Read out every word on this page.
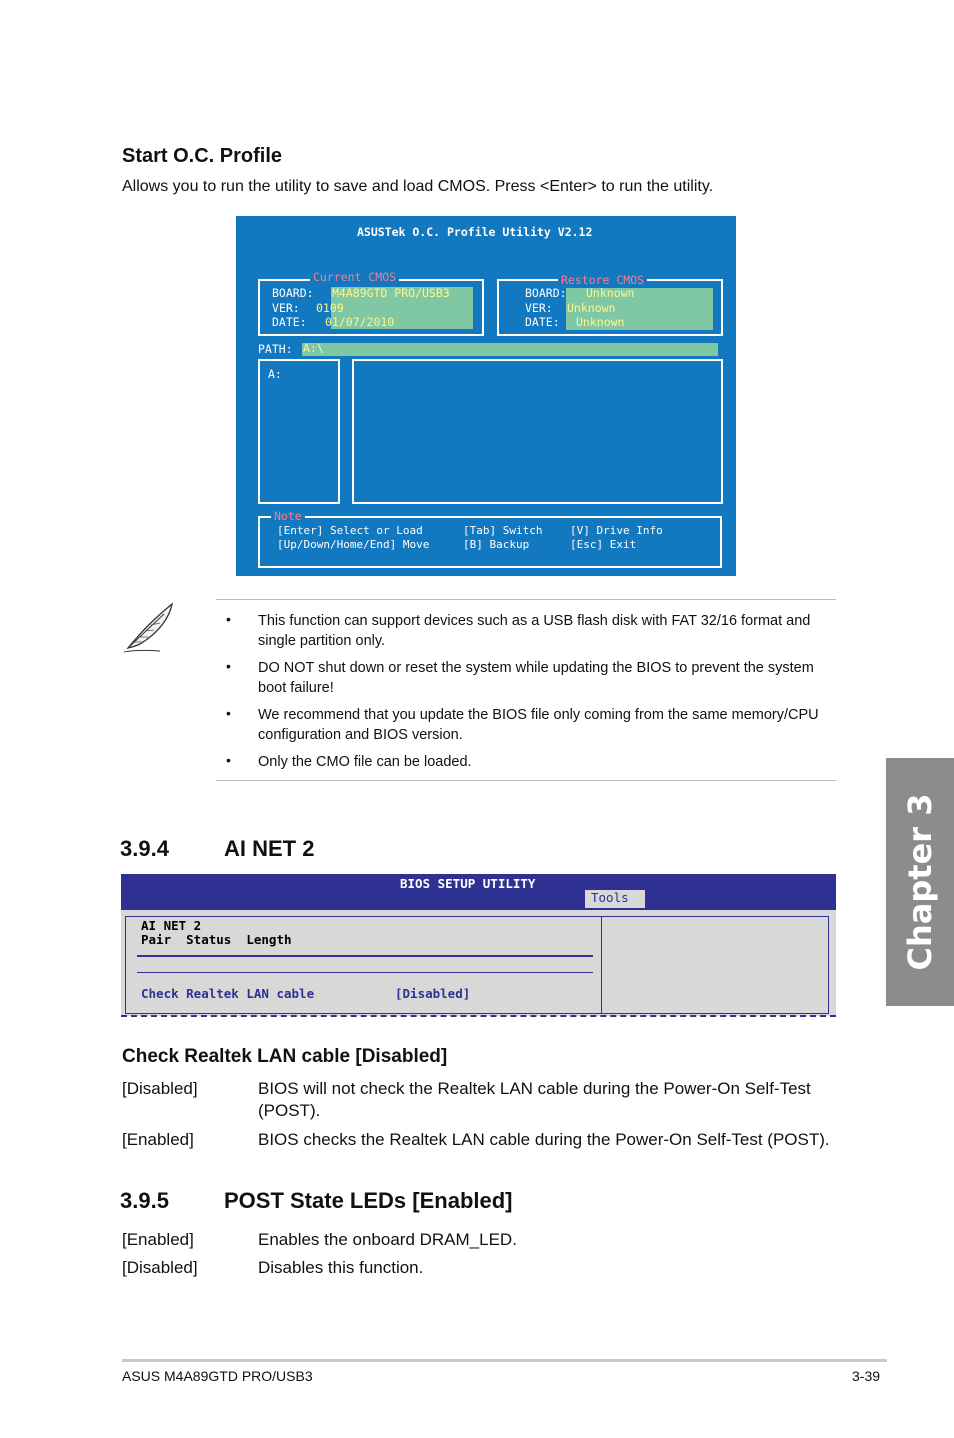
Start O.C. Profile
Allows you to run the utility to save and load CMOS. Press <Enter> to run the utility.
ASUSTek O.C. Profile Utility V2.12
Current CMOS
BOARD: M4A89GTD PRO/USB3
VER: 0109
DATE: 01/07/2010
Restore CMOS
BOARD: Unknown
VER: Unknown
DATE: Unknown
PATH: A:\
A:
Note
[Enter] Select or Load	[Tab] Switch	[V] Drive Info
[Up/Down/Home/End] Move	[B] Backup	[Esc] Exit
• This function can support devices such as a USB flash disk with FAT 32/16 format and single partition only.
• DO NOT shut down or reset the system while updating the BIOS to prevent the system boot failure!
• We recommend that you update the BIOS file only coming from the same memory/CPU configuration and BIOS version.
• Only the CMO file can be loaded.
3.9.4	AI NET 2
BIOS SETUP UTILITY
Tools
AI NET 2
Pair  Status  Length
Check Realtek LAN cable	[Disabled]
Check Realtek LAN cable [Disabled]
[Disabled]	BIOS will not check the Realtek LAN cable during the Power-On Self-Test (POST).
[Enabled]	BIOS checks the Realtek LAN cable during the Power-On Self-Test (POST).
3.9.5	POST State LEDs [Enabled]
[Enabled]	Enables the onboard DRAM_LED.
[Disabled]	Disables this function.
Chapter 3
ASUS M4A89GTD PRO/USB3	3-39
